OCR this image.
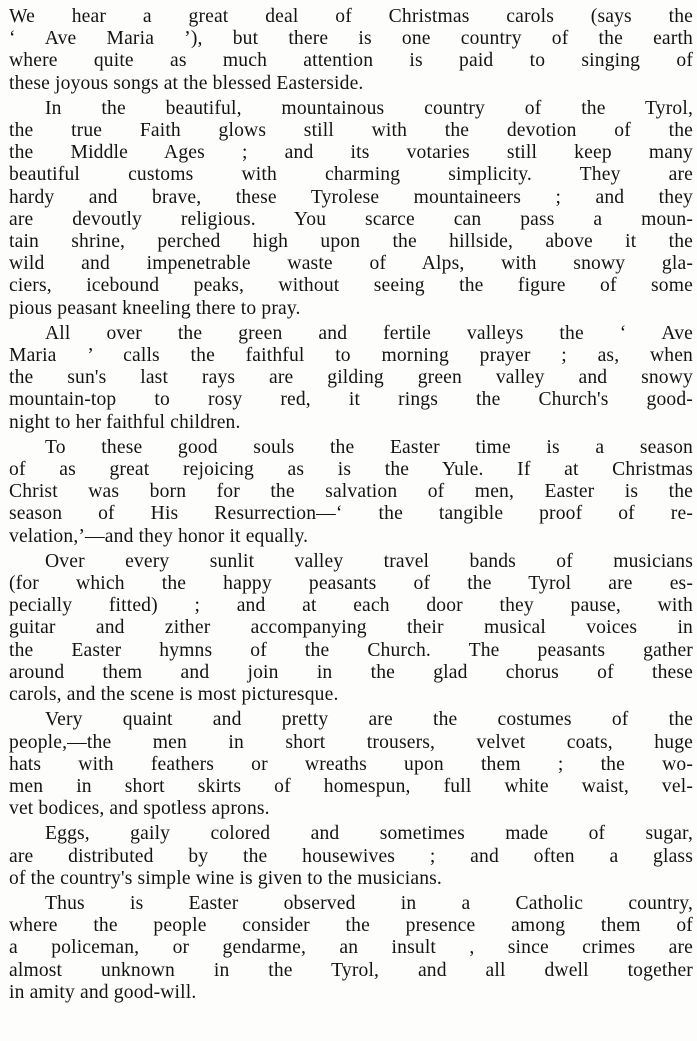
We hear a great deal of Christmas carols (says the
‘ Ave Maria ’), but there is one country of the earth
where quite as much attention is paid to singing of
these joyous songs at the blessed Easterside.
In the beautiful, mountainous country of the Tyrol,
the true Faith glows still with the devotion of the
the Middle Ages ; and its votaries still keep many
beautiful customs with charming simplicity. They are
hardy and brave, these Tyrolese mountaineers ; and they
are devoutly religious. You scarce can pass a moun-
tain shrine, perched high upon the hillside, above it the
wild and impenetrable waste of Alps, with snowy gla-
ciers, icebound peaks, without seeing the figure of some
pious peasant kneeling there to pray.
All over the green and fertile valleys the ‘ Ave
Maria ’ calls the faithful to morning prayer ; as, when
the sun's last rays are gilding green valley and snowy
mountain-top to rosy red, it rings the Church's good-
night to her faithful children.
To these good souls the Easter time is a season
of as great rejoicing as is the Yule. If at Christmas
Christ was born for the salvation of men, Easter is the
season of His Resurrection—‘ the tangible proof of re-
velation,’—and they honor it equally.
Over every sunlit valley travel bands of musicians
(for which the happy peasants of the Tyrol are es-
pecially fitted) ; and at each door they pause, with
guitar and zither accompanying their musical voices in
the Easter hymns of the Church. The peasants gather
around them and join in the glad chorus of these
carols, and the scene is most picturesque.
Very quaint and pretty are the costumes of the
people,—the men in short trousers, velvet coats, huge
hats with feathers or wreaths upon them ; the wo-
men in short skirts of homespun, full white waist, vel-
vet bodices, and spotless aprons.
Eggs, gaily colored and sometimes made of sugar,
are distributed by the housewives ; and often a glass
of the country's simple wine is given to the musicians.
Thus is Easter observed in a Catholic country,
where the people consider the presence among them of
a policeman, or gendarme, an insult , since crimes are
almost unknown in the Tyrol, and all dwell together
in amity and good-will.
